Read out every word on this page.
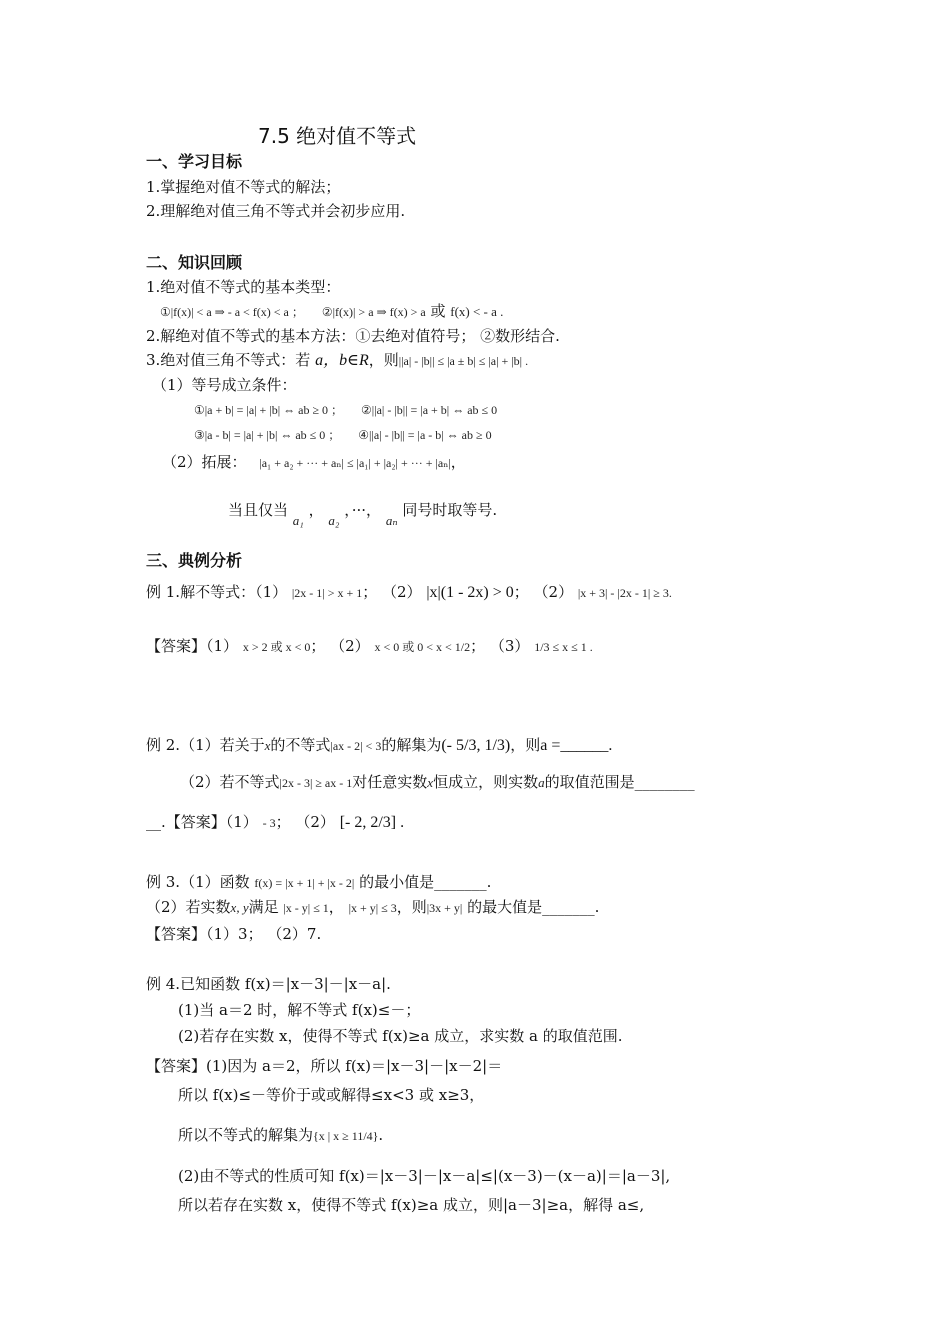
7.5 绝对值不等式
一、学习目标
1.掌握绝对值不等式的解法；
2.理解绝对值三角不等式并会初步应用.
二、知识回顾
1.绝对值不等式的基本类型：
①|f(x)| < a ⇒ - a < f(x) < a ； ②|f(x)| > a ⇒ f(x) > a 或 f(x) < - a .
2.解绝对值不等式的基本方法：①去绝对值符号； ②数形结合.
3.绝对值三角不等式：若 a，b∈R，则||a| - |b|| ≤ |a ± b| ≤ |a| + |b| .
（1）等号成立条件：
①|a + b| = |a| + |b| ⇔ ab ≥ 0 ； ②||a| - |b|| = |a + b| ⇔ ab ≤ 0
③|a - b| = |a| + |b| ⇔ ab ≤ 0 ； ④||a| - |b|| = |a - b| ⇔ ab ≥ 0
（2）拓展： |a₁ + a₂ + ··· + aₙ| ≤ |a₁| + |a₂| + ··· + |aₙ|，
当且仅当 a₁ ， a₂ ，···， aₙ 同号时取等号.
三、典例分析
例 1.解不等式：（1） |2x - 1| > x + 1； （2） |x|(1 - 2x) > 0； （2） |x + 3| - |2x - 1| ≥ 3.
【答案】（1） x > 2 或 x < 0； （2） x < 0 或 0 < x < 1/2； （3） 1/3 ≤ x ≤ 1 .
例 2.（1）若关于x的不等式|ax - 2| < 3的解集为(- 5/3, 1/3)，则a =______.
（2）若不等式|2x - 3| ≥ ax - 1对任意实数x恒成立，则实数a的取值范围是________
__.【答案】（1） - 3； （2） [- 2, 2/3] .
例 3.（1）函数 f(x) = |x + 1| + |x - 2| 的最小值是_______.
（2）若实数x, y满足 |x - y| ≤ 1， |x + y| ≤ 3，则|3x + y| 的最大值是_______.
【答案】（1）3； （2）7.
例 4.已知函数 f(x)＝|x－3|－|x－a|.
(1)当 a＝2 时，解不等式 f(x)≤－；
(2)若存在实数 x，使得不等式 f(x)≥a 成立，求实数 a 的取值范围.
【答案】(1)因为 a＝2，所以 f(x)＝|x－3|－|x－2|＝
所以 f(x)≤－等价于或或解得≤x<3 或 x≥3，
所以不等式的解集为{x | x ≥ 11/4}.
(2)由不等式的性质可知 f(x)＝|x－3|－|x－a|≤|(x－3)－(x－a)|＝|a－3|,
所以若存在实数 x，使得不等式 f(x)≥a 成立，则|a－3|≥a，解得 a≤,
